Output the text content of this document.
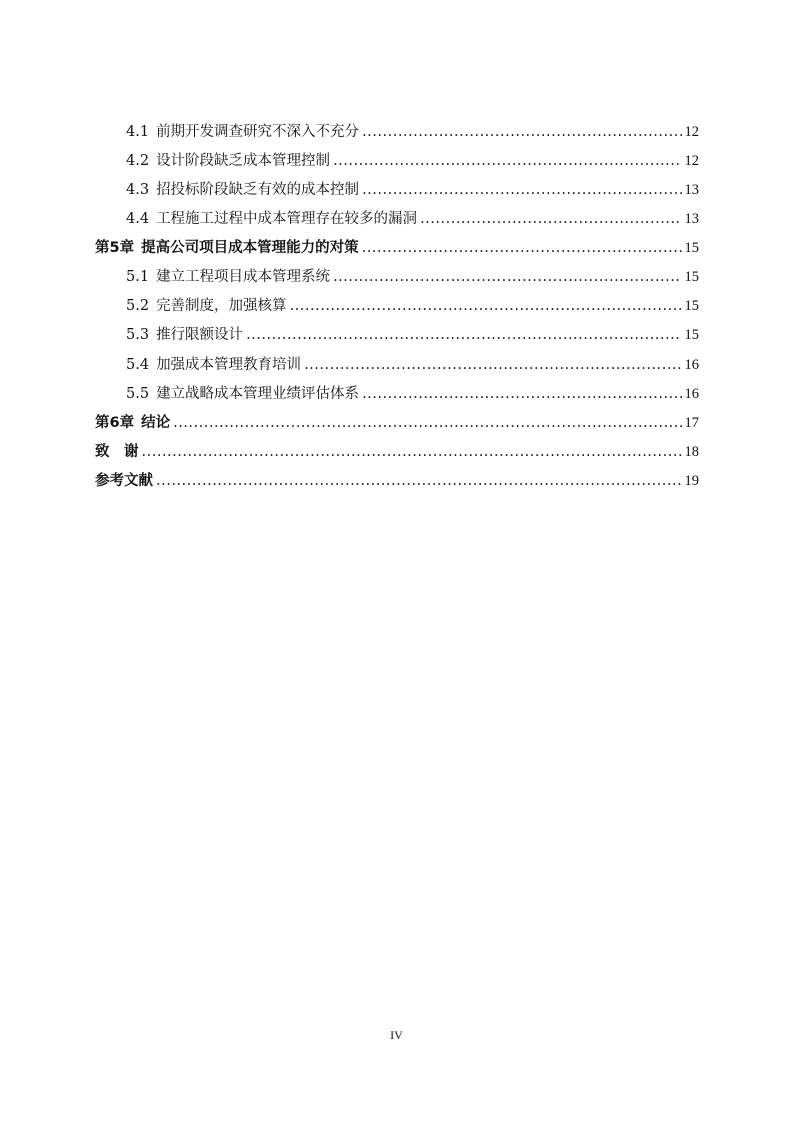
4.1 前期开发调查研究不深入不充分 .....	12
4.2 设计阶段缺乏成本管理控制 .....	12
4.3 招投标阶段缺乏有效的成本控制 .....	13
4.4 工程施工过程中成本管理存在较多的漏洞 .....	13
第5章 提高公司项目成本管理能力的对策 .....	15
5.1 建立工程项目成本管理系统 .....	15
5.2 完善制度，加强核算 .....	15
5.3 推行限额设计 .....	15
5.4 加强成本管理教育培训 .....	16
5.5 建立战略成本管理业绩评估体系 .....	16
第6章 结论 .....	17
致　谢 .....	18
参考文献 .....	19
IV
